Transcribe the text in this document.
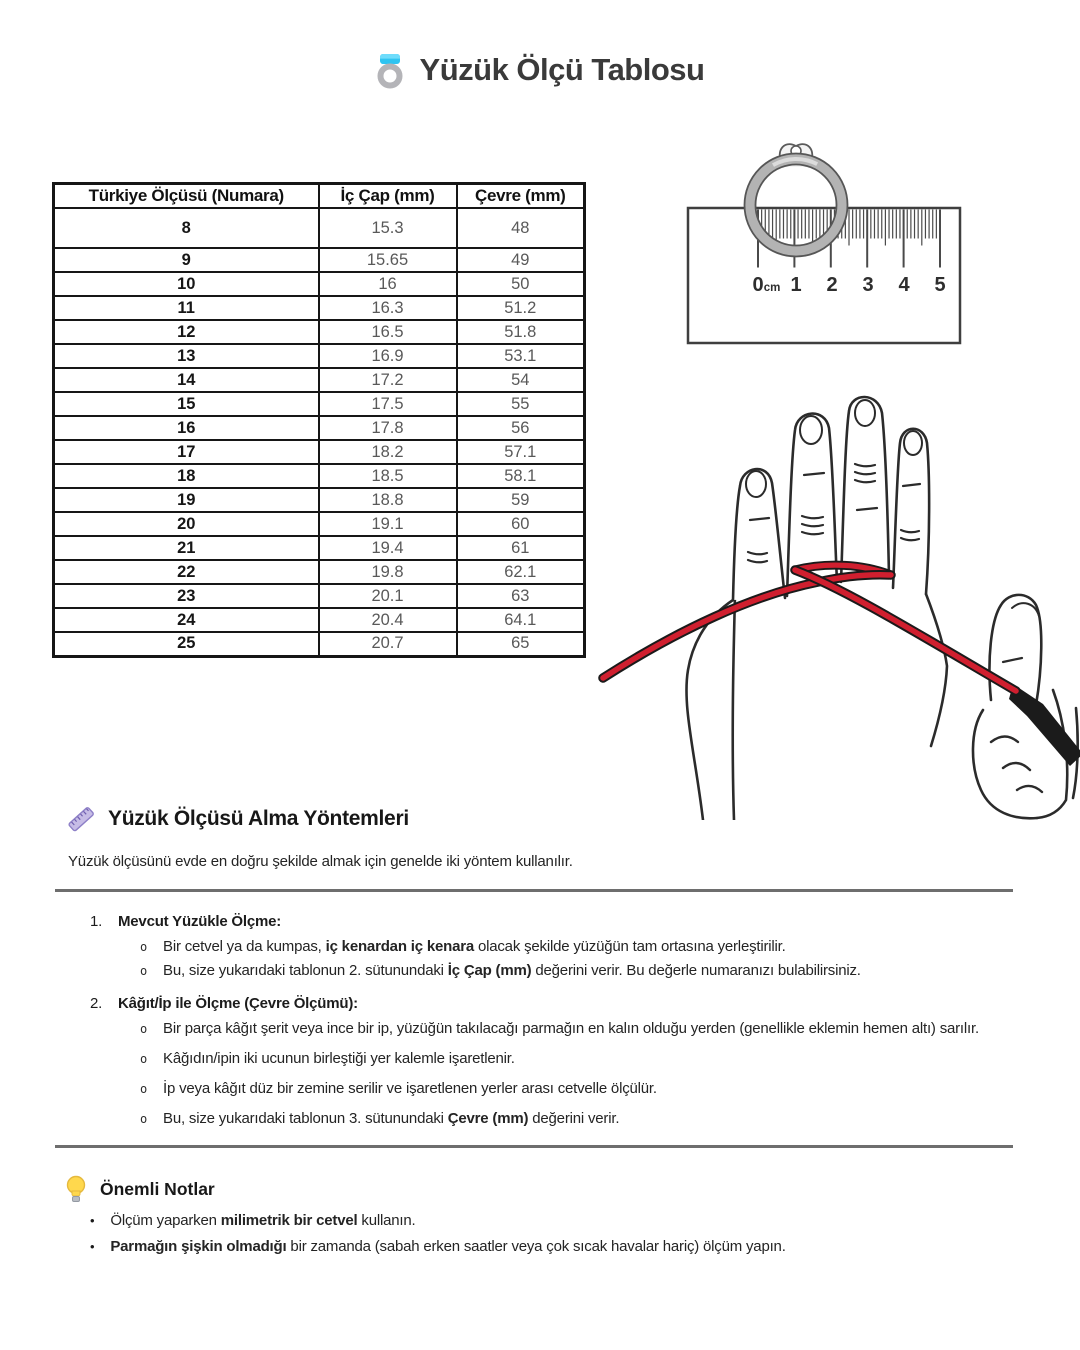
Yüzük Ölçü Tablosu
Türkiye Ölçüsü (Numara)	İç Çap (mm)	Çevre (mm)
8	15.3	48
9	15.65	49
10	16	50
11	16.3	51.2
12	16.5	51.8
13	16.9	53.1
14	17.2	54
15	17.5	55
16	17.8	56
17	18.2	57.1
18	18.5	58.1
19	18.8	59
20	19.1	60
21	19.4	61
22	19.8	62.1
23	20.1	63
24	20.4	64.1
25	20.7	65
0 cm 1 2 3 4 5
Yüzük Ölçüsü Alma Yöntemleri
Yüzük ölçüsünü evde en doğru şekilde almak için genelde iki yöntem kullanılır.
1. Mevcut Yüzükle Ölçme:
o Bir cetvel ya da kumpas, iç kenardan iç kenara olacak şekilde yüzüğün tam ortasına yerleştirilir.
o Bu, size yukarıdaki tablonun 2. sütunundaki İç Çap (mm) değerini verir. Bu değerle numaranızı bulabilirsiniz.
2. Kâğıt/İp ile Ölçme (Çevre Ölçümü):
o Bir parça kâğıt şerit veya ince bir ip, yüzüğün takılacağı parmağın en kalın olduğu yerden (genellikle eklemin hemen altı) sarılır.
o Kâğıdın/ipin iki ucunun birleştiği yer kalemle işaretlenir.
o İp veya kâğıt düz bir zemine serilir ve işaretlenen yerler arası cetvelle ölçülür.
o Bu, size yukarıdaki tablonun 3. sütunundaki Çevre (mm) değerini verir.
Önemli Notlar
• Ölçüm yaparken milimetrik bir cetvel kullanın.
• Parmağın şişkin olmadığı bir zamanda (sabah erken saatler veya çok sıcak havalar hariç) ölçüm yapın.
